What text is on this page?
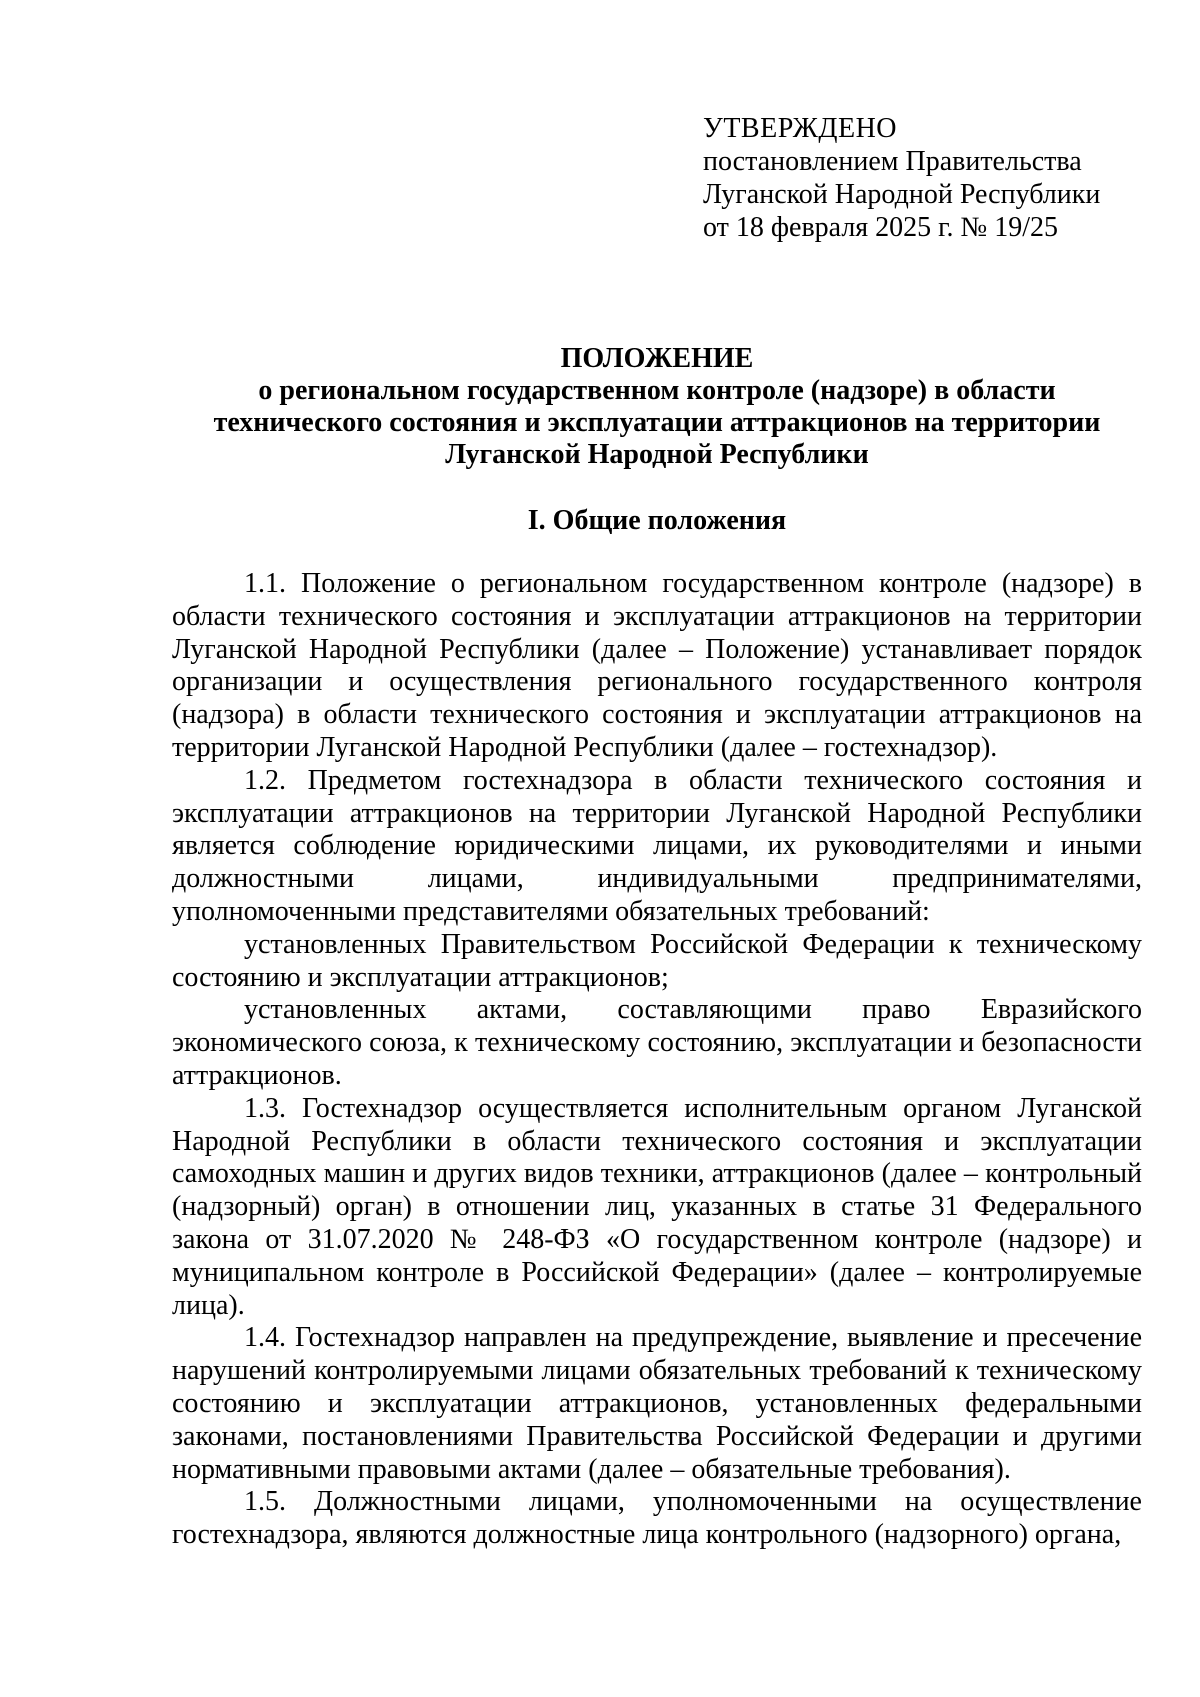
УТВЕРЖДЕНО
постановлением Правительства
Луганской Народной Республики
от 18 февраля 2025 г. № 19/25
ПОЛОЖЕНИЕ
о региональном государственном контроле (надзоре) в области
технического состояния и эксплуатации аттракционов на территории
Луганской Народной Республики
I. Общие положения

1.1. Положение о региональном государственном контроле (надзоре) в области технического состояния и эксплуатации аттракционов на территории Луганской Народной Республики (далее – Положение) устанавливает порядок организации и осуществления регионального государственного контроля (надзора) в области технического состояния и эксплуатации аттракционов на территории Луганской Народной Республики (далее – гостехнадзор).

1.2. Предметом гостехнадзора в области технического состояния и эксплуатации аттракционов на территории Луганской Народной Республики является соблюдение юридическими лицами, их руководителями и иными должностными лицами, индивидуальными предпринимателями, уполномоченными представителями обязательных требований:

установленных Правительством Российской Федерации к техническому состоянию и эксплуатации аттракционов;

установленных актами, составляющими право Евразийского экономического союза, к техническому состоянию, эксплуатации и безопасности аттракционов.

1.3. Гостехнадзор осуществляется исполнительным органом Луганской Народной Республики в области технического состояния и эксплуатации самоходных машин и других видов техники, аттракционов (далее – контрольный (надзорный) орган) в отношении лиц, указанных в статье 31 Федерального закона от 31.07.2020 № 248-ФЗ «О государственном контроле (надзоре) и муниципальном контроле в Российской Федерации» (далее – контролируемые лица).

1.4. Гостехнадзор направлен на предупреждение, выявление и пресечение нарушений контролируемыми лицами обязательных требований к техническому состоянию и эксплуатации аттракционов, установленных федеральными законами, постановлениями Правительства Российской Федерации и другими нормативными правовыми актами (далее – обязательные требования).

1.5. Должностными лицами, уполномоченными на осуществление гостехнадзора, являются должностные лица контрольного (надзорного) органа,
